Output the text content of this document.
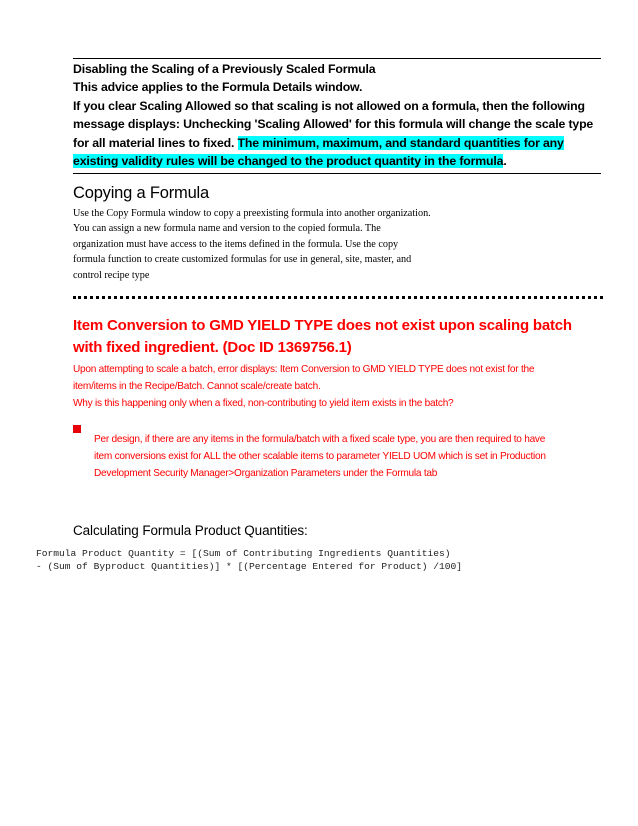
Disabling the Scaling of a Previously Scaled Formula

This advice applies to the Formula Details window.

If you clear Scaling Allowed so that scaling is not allowed on a formula, then the following message displays: Unchecking 'Scaling Allowed' for this formula will change the scale type for all material lines to fixed. The minimum, maximum, and standard quantities for any existing validity rules will be changed to the product quantity in the formula.

Copying a Formula

Use the Copy Formula window to copy a preexisting formula into another organization.
You can assign a new formula name and version to the copied formula. The
organization must have access to the items defined in the formula. Use the copy
formula function to create customized formulas for use in general, site, master, and
control recipe type

Item Conversion to GMD YIELD TYPE does not exist upon scaling batch with fixed ingredient. (Doc ID 1369756.1)

Upon attempting to scale a batch, error displays: Item Conversion to GMD YIELD TYPE does not exist for the
item/items in the Recipe/Batch. Cannot scale/create batch.
Why is this happening only when a fixed, non-contributing to yield item exists in the batch?

Per design, if there are any items in the formula/batch with a fixed scale type, you are then required to have
item conversions exist for ALL the other scalable items to parameter YIELD UOM which is set in Production
Development Security Manager>Organization Parameters under the Formula tab

Calculating Formula Product Quantities:

Formula Product Quantity = [(Sum of Contributing Ingredients Quantities)
- (Sum of Byproduct Quantities)] * [(Percentage Entered for Product) /100]
